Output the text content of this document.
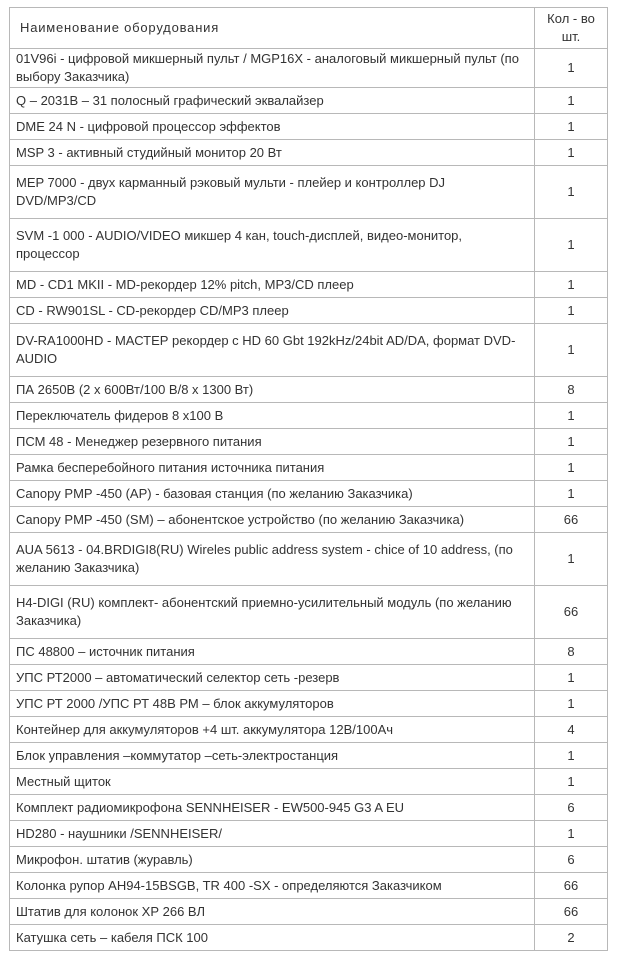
Наименование оборудования	Кол - во шт.
01V96i - цифровой микшерный пульт / MGP16X - аналоговый микшерный пульт (по выбору Заказчика)	1
Q – 2031В – 31 полосный графический эквалайзер	1
DME 24 N - цифровой процессор эффектов	1
MSP 3 - активный студийный монитор 20 Вт	1
MEP 7000 - двух карманный рэковый мульти - плейер и контроллер DJ DVD/MP3/CD	1
SVM -1 000 - AUDIO/VIDEO микшер 4 кан, touch-дисплей, видео-монитор, процессор	1
MD - CD1 MKII - MD-рекордер 12% pitch, MP3/CD плеер	1
CD - RW901SL - CD-рекордер CD/MP3 плеер	1
DV-RA1000HD - МАСТЕР рекордер с HD 60 Gbt 192kHz/24bit AD/DA, формат DVD-AUDIO	1
ПА 2650В (2 х 600Вт/100 В/8 х 1300 Вт)	8
Переключатель фидеров 8 х100 В	1
ПСМ 48 - Менеджер резервного питания	1
Рамка бесперебойного питания источника питания	1
Canopy PMP -450 (AP) - базовая станция (по желанию Заказчика)	1
Canopy PMP -450 (SM) – абонентское устройство (по желанию Заказчика)	66
AUA 5613 - 04.BRDIGI8(RU) Wireles public address system - chice of 10 address, (по желанию Заказчика)	1
H4-DIGI (RU) комплект- абонентский приемно-усилительный модуль (по желанию Заказчика)	66
ПС 48800 – источник питания	8
УПС РТ2000 – автоматический селектор сеть -резерв	1
УПС РТ 2000 /УПС РТ 48В РМ – блок аккумуляторов	1
Контейнер для аккумуляторов +4 шт. аккумулятора 12В/100Ач	4
Блок управления –коммутатор –сеть-электростанция	1
Местный щиток	1
Комплект радиомикрофона SENNHEISER - EW500-945 G3 A EU	6
HD280 - наушники /SENNHEISER/	1
Микрофон. штатив (журавль)	6
Колонка рупор AH94-15BSGB, TR 400 -SX - определяются Заказчиком	66
Штатив для колонок ХР 266 ВЛ	66
Катушка сеть – кабеля ПСК 100	2
